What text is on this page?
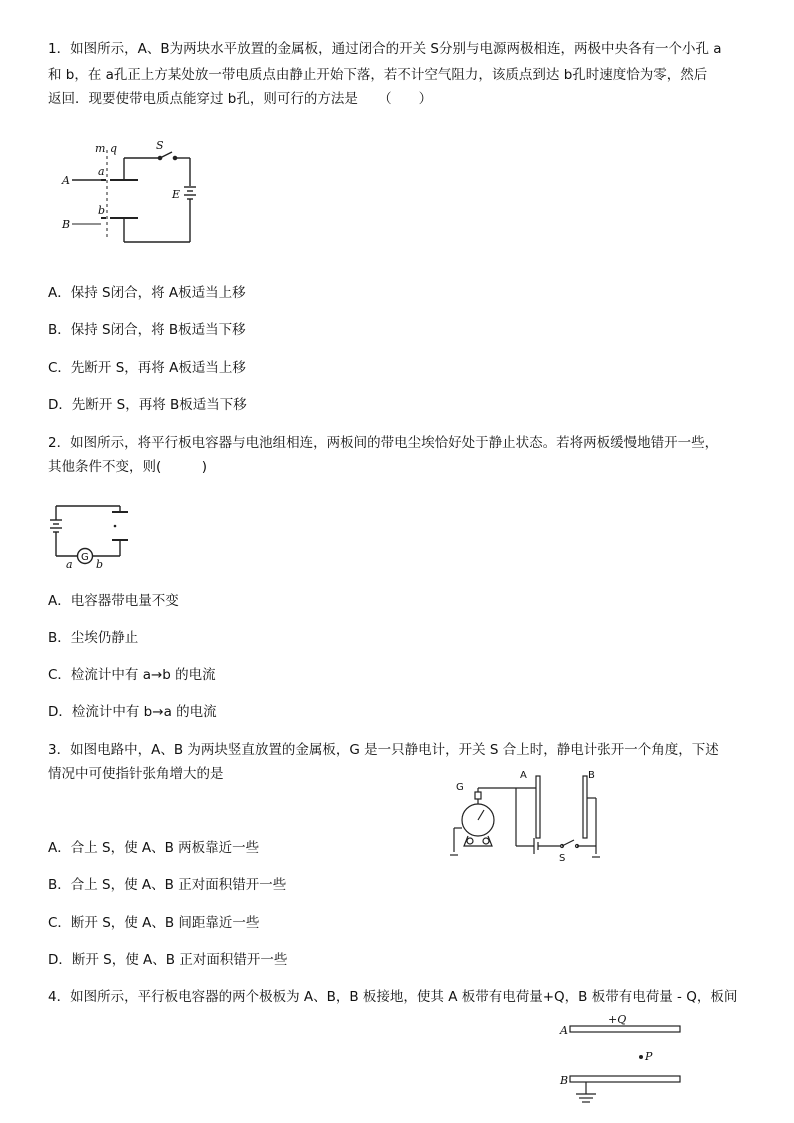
1．如图所示，A、B为两块水平放置的金属板，通过闭合的开关 S分别与电源两极相连，两极中央各有一个小孔 a
和 b，在 a孔正上方某处放一带电质点由静止开始下落，若不计空气阻力，该质点到达 b孔时速度恰为零，然后
返回．现要使带电质点能穿过 b孔，则可行的方法是　　（　　）
m q	S
a
b
A
B
E
A．保持 S闭合，将 A板适当上移
B．保持 S闭合，将 B板适当下移
C．先断开 S，再将 A板适当上移
D．先断开 S，再将 B板适当下移
2．如图所示，将平行板电容器与电池组相连，两板间的带电尘埃恰好处于静止状态。若将两板缓慢地错开一些，
其他条件不变，则(　　　)
G
a b
A．电容器带电量不变
B．尘埃仍静止
C．检流计中有 a→b 的电流
D．检流计中有 b→a 的电流
3．如图电路中，A、B 为两块竖直放置的金属板，G 是一只静电计，开关 S 合上时，静电计张开一个角度，下述
情况中可使指针张角增大的是	A	B
G
S
A．合上 S，使 A、B 两板靠近一些
B．合上 S，使 A、B 正对面积错开一些
C．断开 S，使 A、B 间距靠近一些
D．断开 S，使 A、B 正对面积错开一些
4．如图所示，平行板电容器的两个极板为 A、B，B 板接地，使其 A 板带有电荷量+Q，B 板带有电荷量 - Q，板间
A
B
+Q
P
